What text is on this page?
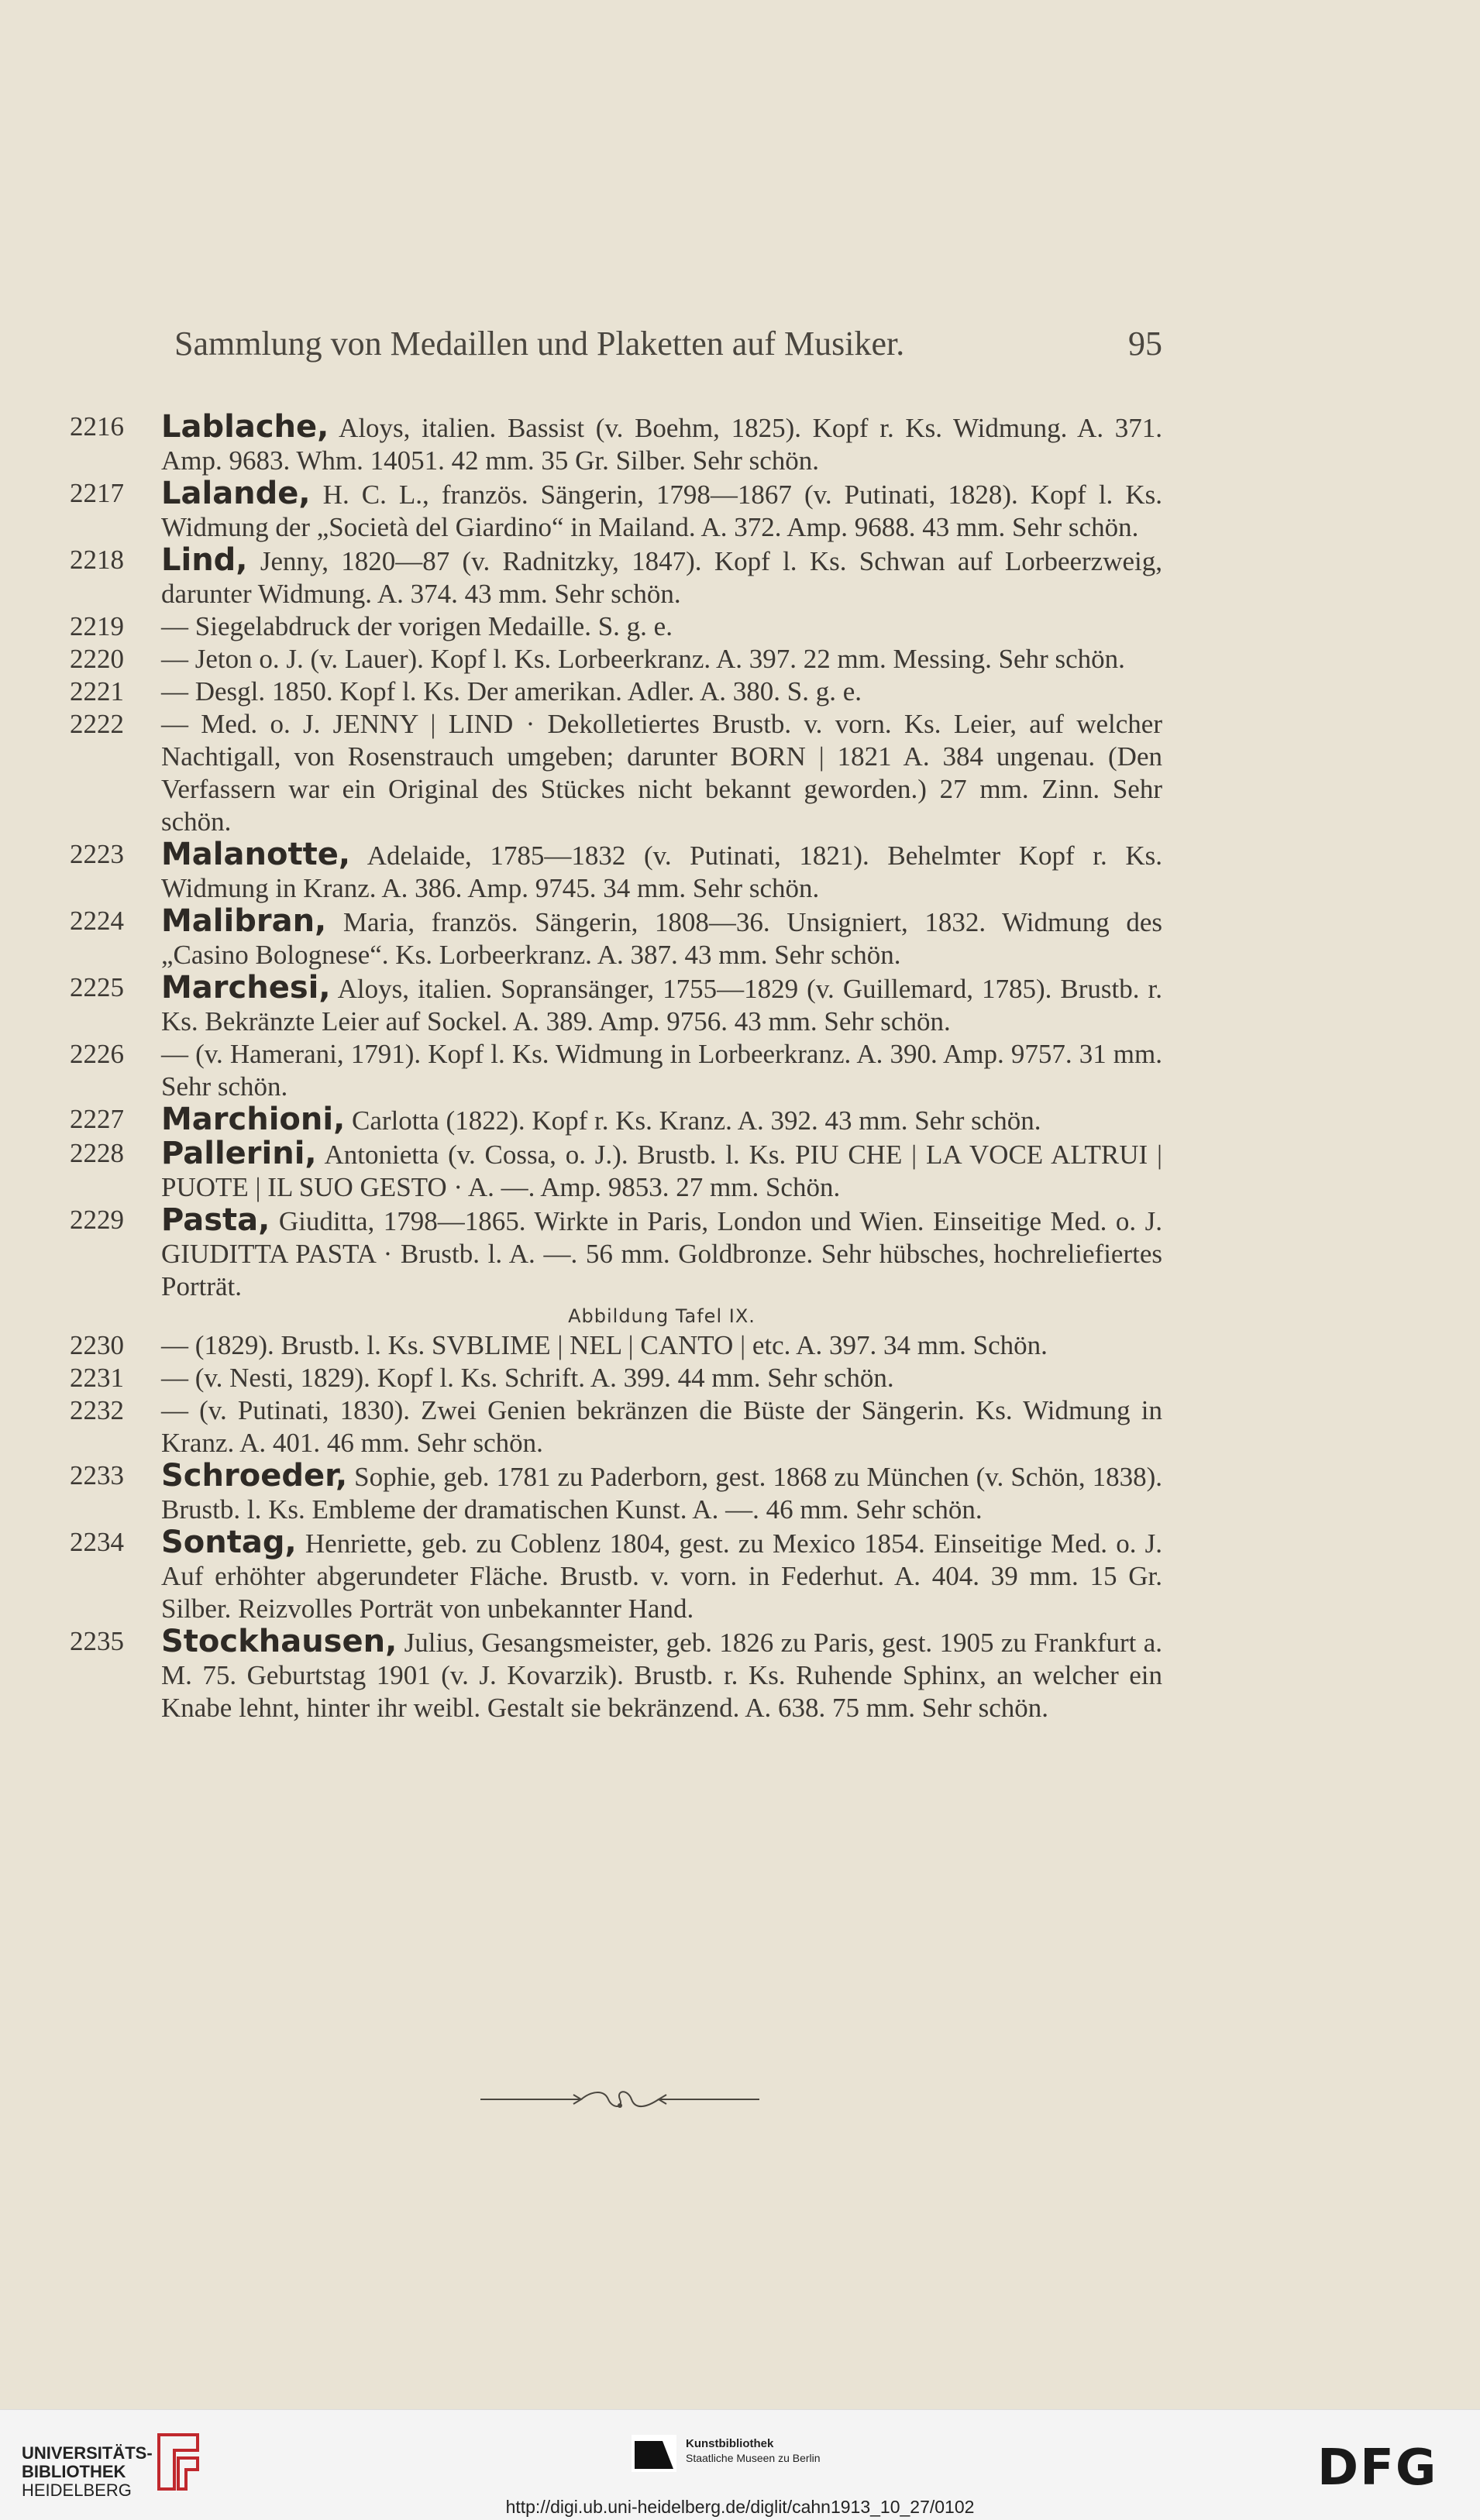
Sammlung von Medaillen und Plaketten auf Musiker.	95
2216	Lablache, Aloys, italien. Bassist (v. Boehm, 1825). Kopf r. Ks. Widmung. A. 371. Amp. 9683. Whm. 14051. 42 mm. 35 Gr. Silber. Sehr schön.
2217	Lalande, H. C. L., französ. Sängerin, 1798—1867 (v. Putinati, 1828). Kopf l. Ks. Widmung der „Società del Giardino“ in Mailand. A. 372. Amp. 9688. 43 mm. Sehr schön.
2218	Lind, Jenny, 1820—87 (v. Radnitzky, 1847). Kopf l. Ks. Schwan auf Lorbeerzweig, darunter Widmung. A. 374. 43 mm. Sehr schön.
2219	— Siegelabdruck der vorigen Medaille. S. g. e.
2220	— Jeton o. J. (v. Lauer). Kopf l. Ks. Lorbeerkranz. A. 397. 22 mm. Messing. Sehr schön.
2221	— Desgl. 1850. Kopf l. Ks. Der amerikan. Adler. A. 380. S. g. e.
2222	— Med. o. J. JENNY | LIND · Dekolletiertes Brustb. v. vorn. Ks. Leier, auf welcher Nachtigall, von Rosenstrauch umgeben; darunter BORN | 1821 A. 384 ungenau. (Den Verfassern war ein Original des Stückes nicht bekannt geworden.) 27 mm. Zinn. Sehr schön.
2223	Malanotte, Adelaide, 1785—1832 (v. Putinati, 1821). Behelmter Kopf r. Ks. Widmung in Kranz. A. 386. Amp. 9745. 34 mm. Sehr schön.
2224	Malibran, Maria, französ. Sängerin, 1808—36. Unsigniert, 1832. Widmung des „Casino Bolognese“. Ks. Lorbeerkranz. A. 387. 43 mm. Sehr schön.
2225	Marchesi, Aloys, italien. Sopransänger, 1755—1829 (v. Guillemard, 1785). Brustb. r. Ks. Bekränzte Leier auf Sockel. A. 389. Amp. 9756. 43 mm. Sehr schön.
2226	— (v. Hamerani, 1791). Kopf l. Ks. Widmung in Lorbeerkranz. A. 390. Amp. 9757. 31 mm. Sehr schön.
2227	Marchioni, Carlotta (1822). Kopf r. Ks. Kranz. A. 392. 43 mm. Sehr schön.
2228	Pallerini, Antonietta (v. Cossa, o. J.). Brustb. l. Ks. PIU CHE | LA VOCE ALTRUI | PUOTE | IL SUO GESTO · A. —. Amp. 9853. 27 mm. Schön.
2229	Pasta, Giuditta, 1798—1865. Wirkte in Paris, London und Wien. Einseitige Med. o. J. GIUDITTA PASTA · Brustb. l. A. —. 56 mm. Goldbronze. Sehr hübsches, hochreliefiertes Porträt.
Abbildung Tafel IX.
2230	— (1829). Brustb. l. Ks. SVBLIME | NEL | CANTO | etc. A. 397. 34 mm. Schön.
2231	— (v. Nesti, 1829). Kopf l. Ks. Schrift. A. 399. 44 mm. Sehr schön.
2232	— (v. Putinati, 1830). Zwei Genien bekränzen die Büste der Sängerin. Ks. Widmung in Kranz. A. 401. 46 mm. Sehr schön.
2233	Schroeder, Sophie, geb. 1781 zu Paderborn, gest. 1868 zu München (v. Schön, 1838). Brustb. l. Ks. Embleme der dramatischen Kunst. A. —. 46 mm. Sehr schön.
2234	Sontag, Henriette, geb. zu Coblenz 1804, gest. zu Mexico 1854. Einseitige Med. o. J. Auf erhöhter abgerundeter Fläche. Brustb. v. vorn. in Federhut. A. 404. 39 mm. 15 Gr. Silber. Reizvolles Porträt von unbekannter Hand.
2235	Stockhausen, Julius, Gesangsmeister, geb. 1826 zu Paris, gest. 1905 zu Frankfurt a. M. 75. Geburtstag 1901 (v. J. Kovarzik). Brustb. r. Ks. Ruhende Sphinx, an welcher ein Knabe lehnt, hinter ihr weibl. Gestalt sie bekränzend. A. 638. 75 mm. Sehr schön.
UNIVERSITÄTS-
BIBLIOTHEK
HEIDELBERG
Kunstbibliothek
Staatliche Museen zu Berlin	DFG
http://digi.ub.uni-heidelberg.de/diglit/cahn1913_10_27/0102
